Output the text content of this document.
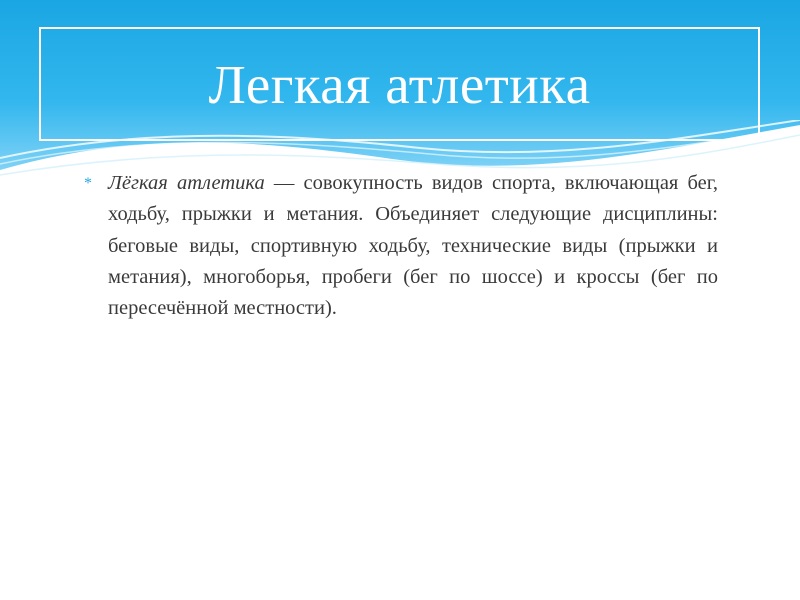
Легкая атлетика
* Лёгкая атлетика — совокупность видов спорта, включающая бег, ходьбу, прыжки и метания. Объединяет следующие дисциплины: беговые виды, спортивную ходьбу, технические виды (прыжки и метания), многоборья, пробеги (бег по шоссе) и кроссы (бег по пересечённой местности).
